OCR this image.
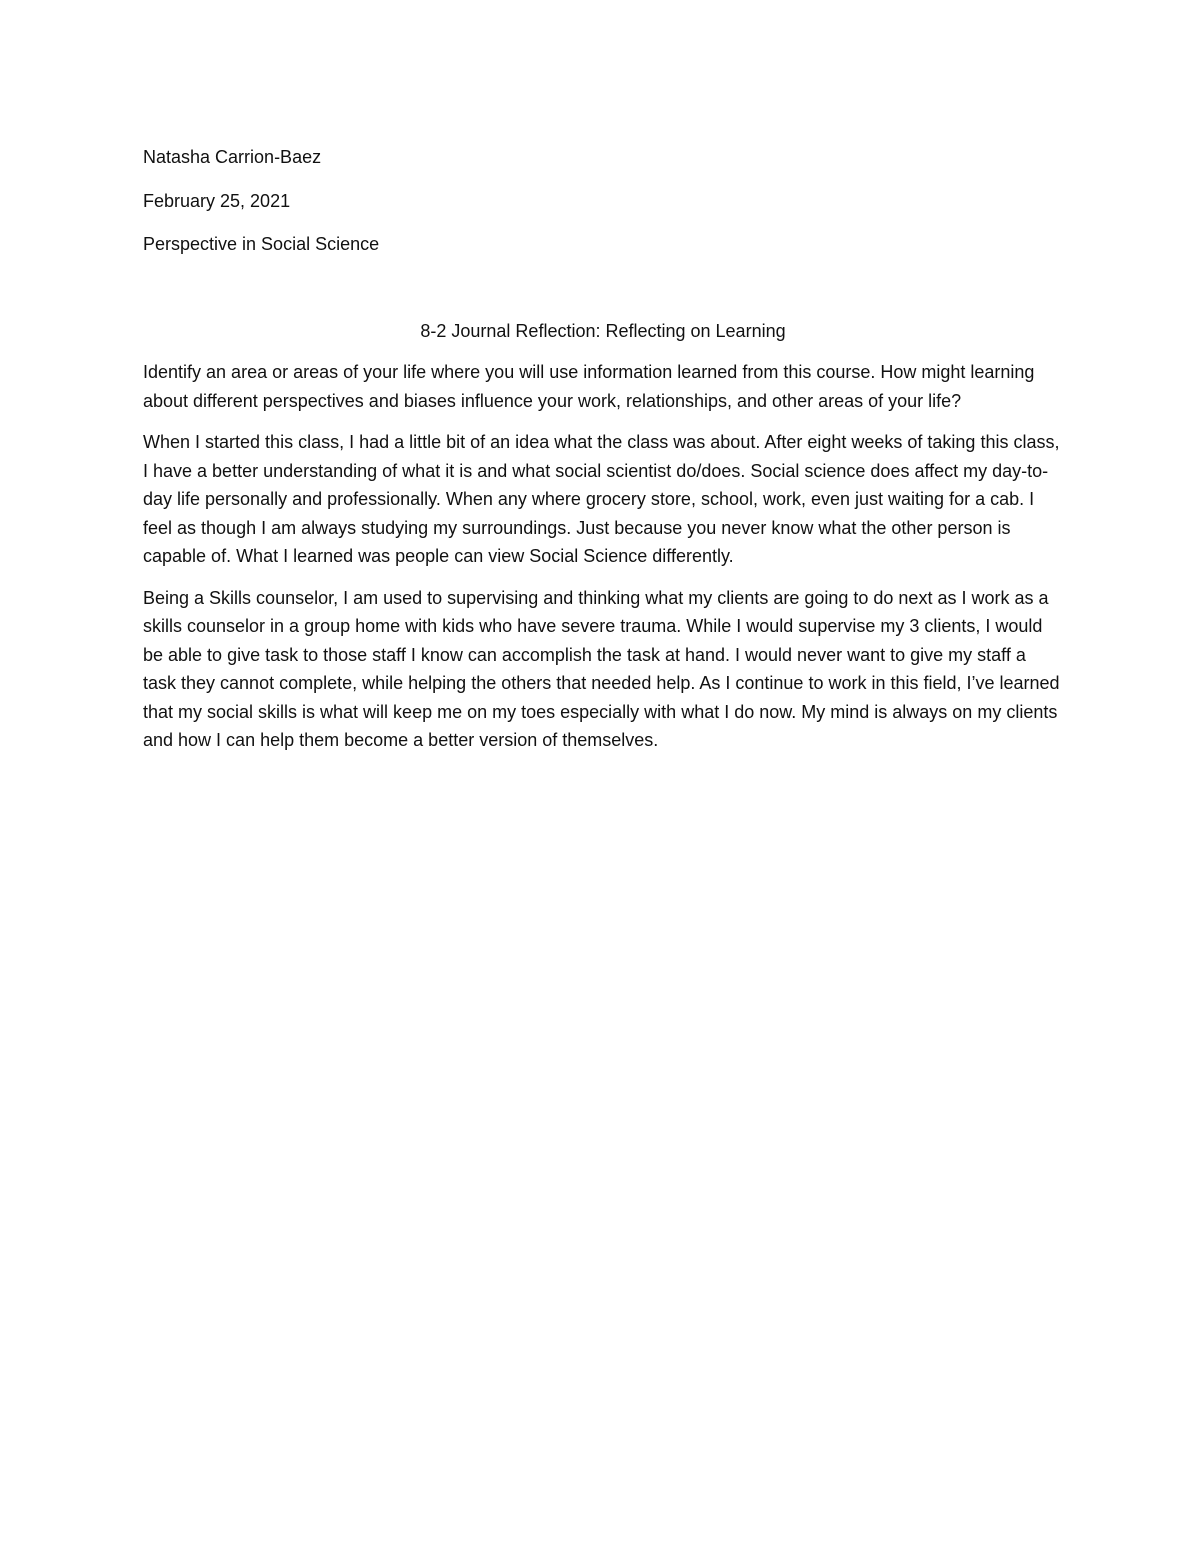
Natasha Carrion-Baez

February 25, 2021

Perspective in Social Science

8-2 Journal Reflection: Reflecting on Learning

Identify an area or areas of your life where you will use information learned from this course. How might learning about different perspectives and biases influence your work, relationships, and other areas of your life?

When I started this class, I had a little bit of an idea what the class was about. After eight weeks of taking this class, I have a better understanding of what it is and what social scientist do/does. Social science does affect my day-to-day life personally and professionally. When any where grocery store, school, work, even just waiting for a cab. I feel as though I am always studying my surroundings. Just because you never know what the other person is capable of. What I learned was people can view Social Science differently.

Being a Skills counselor, I am used to supervising and thinking what my clients are going to do next as I work as a skills counselor in a group home with kids who have severe trauma. While I would supervise my 3 clients, I would be able to give task to those staff I know can accomplish the task at hand. I would never want to give my staff a task they cannot complete, while helping the others that needed help. As I continue to work in this field, I’ve learned that my social skills is what will keep me on my toes especially with what I do now. My mind is always on my clients and how I can help them become a better version of themselves.
